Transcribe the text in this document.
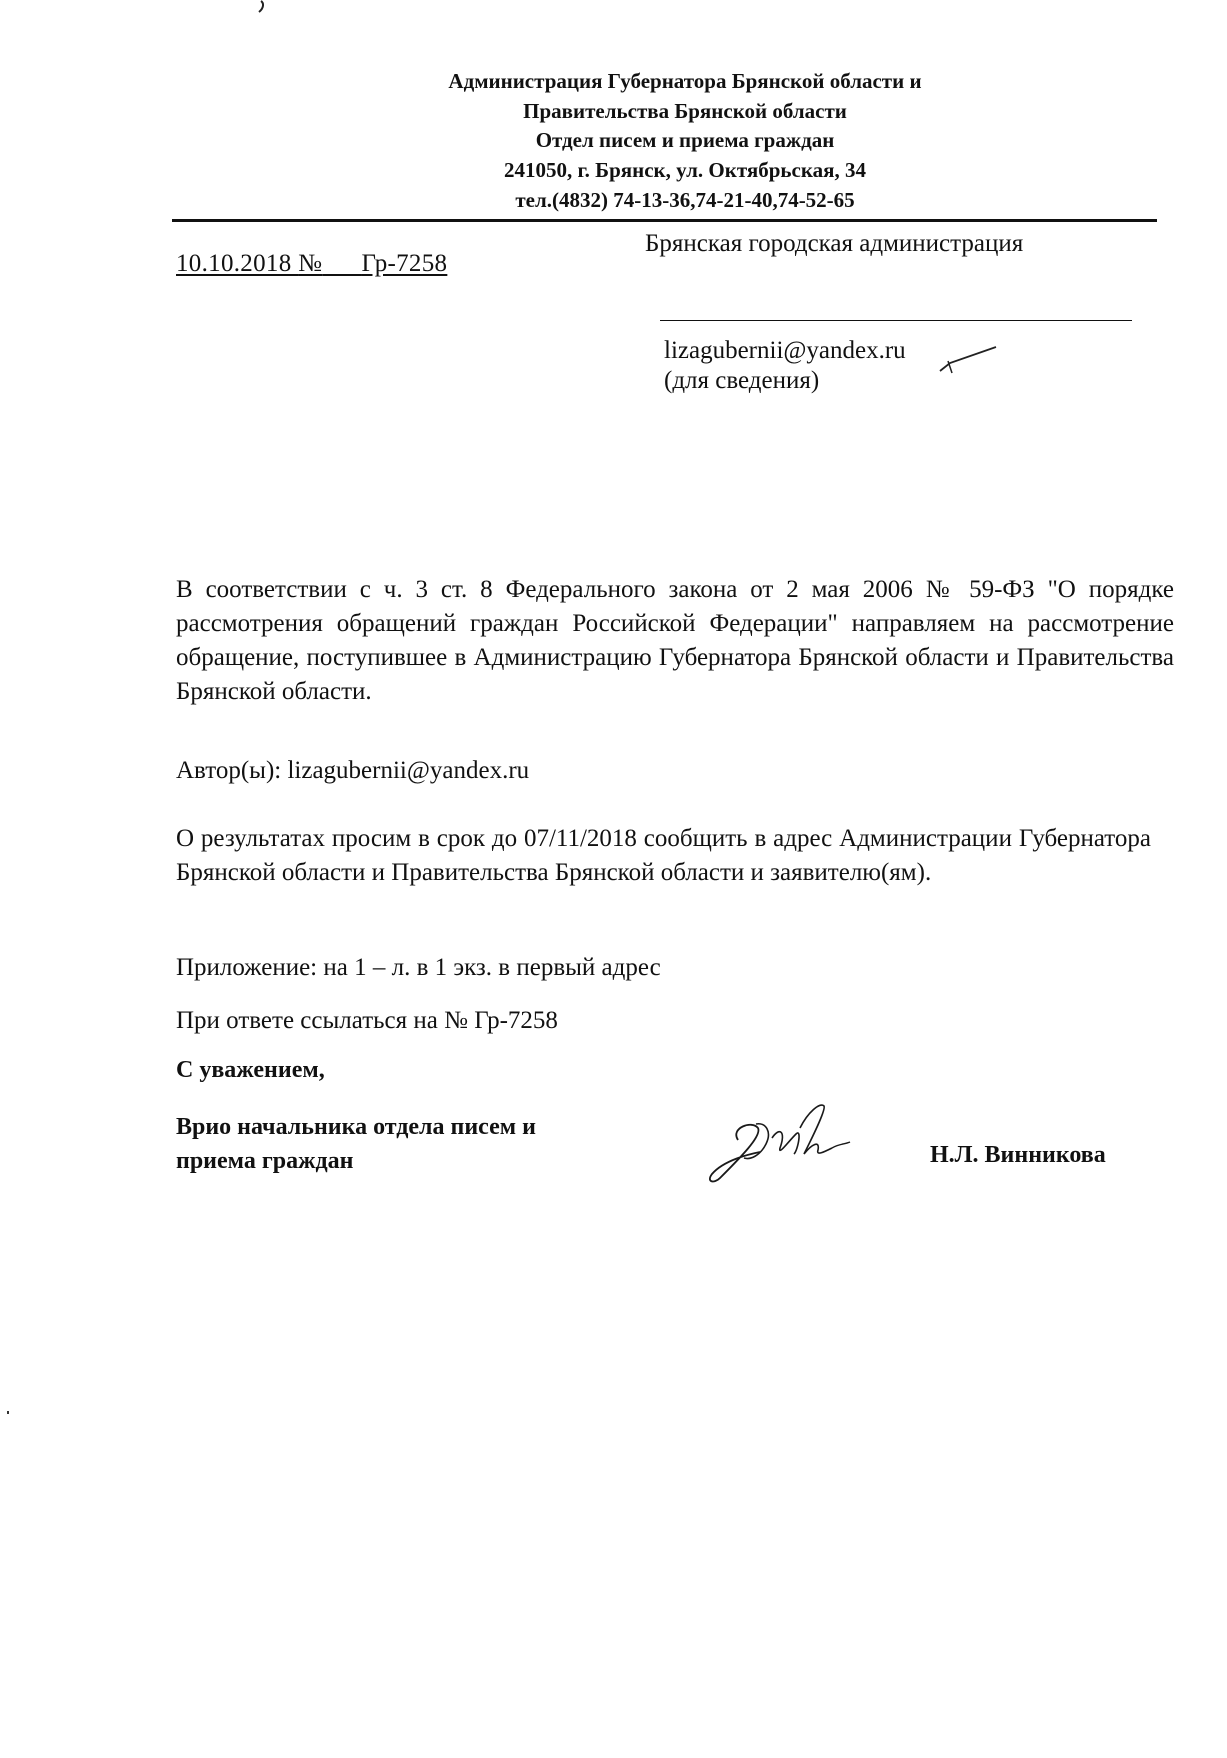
Администрация Губернатора Брянской области и
Правительства Брянской области
Отдел писем и приема граждан
241050, г. Брянск, ул. Октябрьская, 34
тел.(4832) 74-13-36,74-21-40,74-52-65
10.10.2018 № Гр-7258
Брянская городская администрация
lizagubernii@yandex.ru
(для сведения)
В соответствии с ч. 3 ст. 8 Федерального закона от 2 мая 2006 № 59-ФЗ "О порядке рассмотрения обращений граждан Российской Федерации" направляем на рассмотрение обращение, поступившее в Администрацию Губернатора Брянской области и Правительства Брянской области.
Автор(ы): lizagubernii@yandex.ru
О результатах просим в срок до 07/11/2018 сообщить в адрес Администрации Губернатора Брянской области и Правительства Брянской области и заявителю(ям).
Приложение: на 1 – л. в 1 экз. в первый адрес
При ответе ссылаться на № Гр-7258
С уважением,
Врио начальника отдела писем и
приема граждан	Н.Л. Винникова
